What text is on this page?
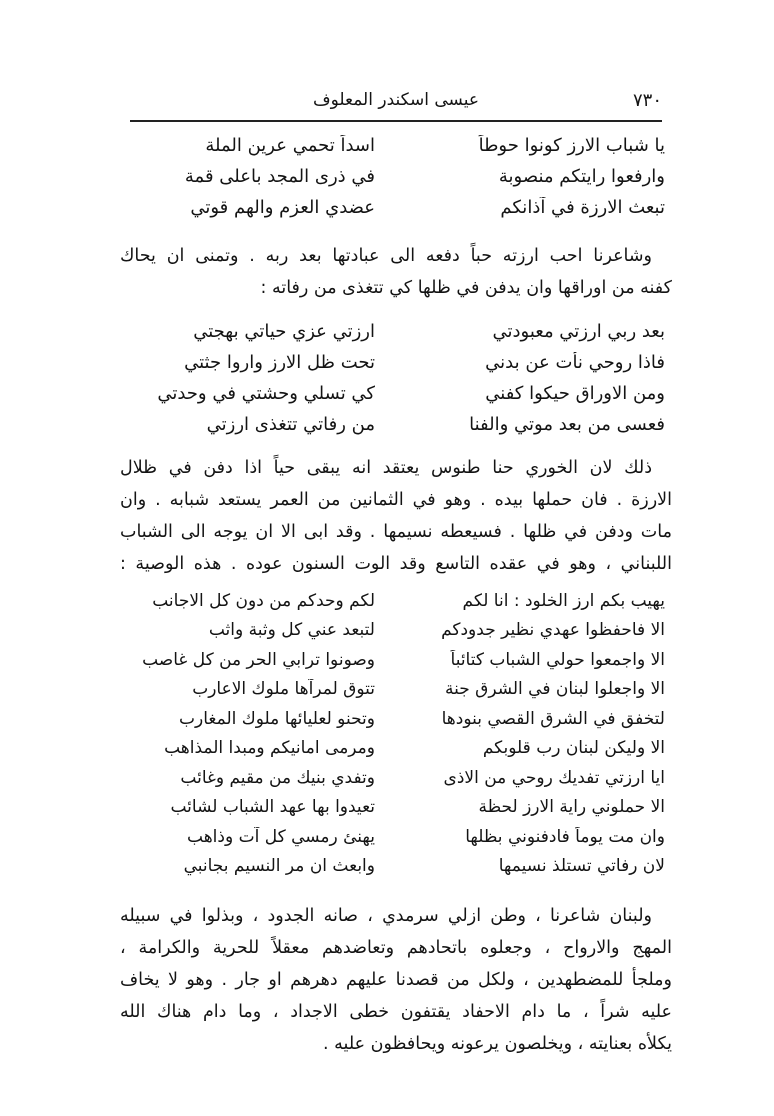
٧٣٠
عيسى اسكندر المعلوف
يا شباب الارز كونوا حوطاً
اسداً تحمي عرين الملة
وارفعوا رايتكم منصوبة
في ذرى المجد باعلى قمة
تبعث الارزة في آذانكم
عضدي العزم والهم قوتي
وشاعرنا احب ارزته حباً دفعه الى عبادتها بعد ربه . وتمنى ان يحاك
كفنه من اوراقها وان يدفن في ظلها كي تتغذى من رفاته :
بعد ربي ارزتي معبودتي
ارزتي عزي حياتي بهجتي
فاذا روحي نأت عن بدني
تحت ظل الارز واروا جثتي
ومن الاوراق حيكوا كفني
كي تسلي وحشتي في وحدتي
فعسى من بعد موتي والفنا
من رفاتي تتغذى ارزتي
ذلك لان الخوري حنا طنوس يعتقد انه يبقى حياً اذا دفن في ظلال
الارزة . فان حملها بيده . وهو في الثمانين من العمر يستعد شبابه . وان
مات ودفن في ظلها . فسيعطه نسيمها . وقد ابى الا ان يوجه الى الشباب
اللبناني ، وهو في عقده التاسع وقد الوت السنون عوده . هذه الوصية :
يهيب بكم ارز الخلود : انا لكم
لكم وحدكم من دون كل الاجانب
الا فاحفظوا عهدي نظير جدودكم
لتبعد عني كل وثبة واثب
الا واجمعوا حولي الشباب كتائباً
وصونوا ترابي الحر من كل غاصب
الا واجعلوا لبنان في الشرق جنة
تتوق لمرآها ملوك الاعارب
لتخفق في الشرق القصي بنودها
وتحنو لعليائها ملوك المغارب
الا وليكن لبنان رب قلوبكم
ومرمى امانيكم ومبدا المذاهب
ايا ارزتي تفديك روحي من الاذى
وتفدي بنيك من مقيم وغائب
الا حملوني راية الارز لحظة
تعيدوا بها عهد الشباب لشائب
وان مت يوماً فادفنوني بظلها
يهنئ رمسي كل آت وذاهب
لان رفاتي تستلذ نسيمها
وابعث ان مر النسيم بجانبي
ولبنان شاعرنا ، وطن ازلي سرمدي ، صانه الجدود ، وبذلوا في سبيله
المهج والارواح ، وجعلوه باتحادهم وتعاضدهم معقلاً للحرية والكرامة ،
وملجأ للمضطهدين ، ولكل من قصدنا عليهم دهرهم او جار . وهو لا يخاف
عليه شراً ، ما دام الاحفاد يقتفون خطى الاجداد ، وما دام هناك الله
يكلأه بعنايته ، ويخلصون يرعونه ويحافظون عليه .
